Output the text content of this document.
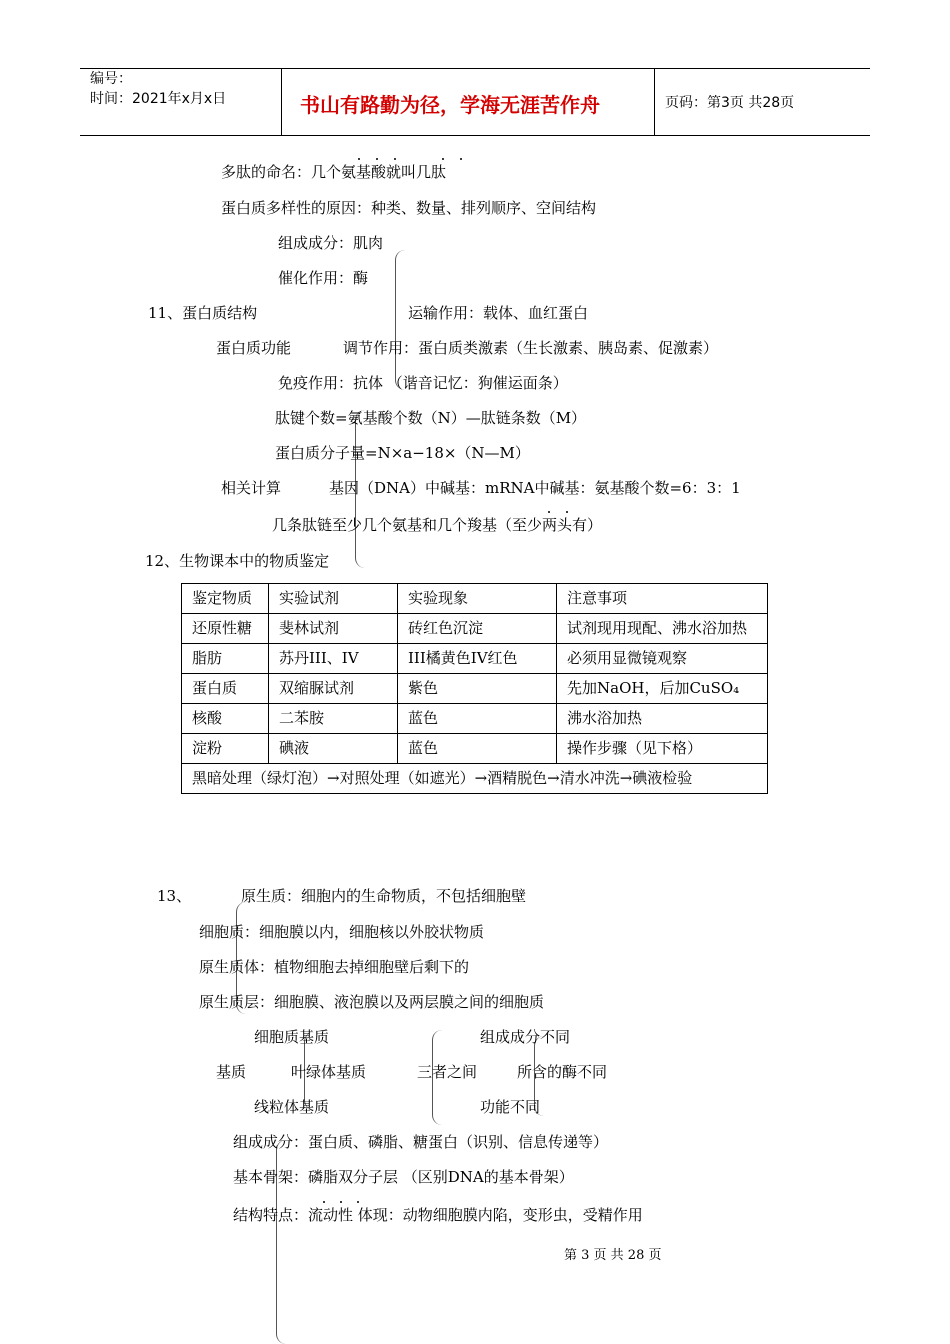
编号：
时间：2021年x月x日	书山有路勤为径，学海无涯苦作舟	页码：第3页 共28页
多肽的命名：几个氨基酸就叫几肽
蛋白质多样性的原因：种类、数量、排列顺序、空间结构
组成成分：肌肉
催化作用：酶
11、蛋白质结构	运输作用：载体、血红蛋白
蛋白质功能	调节作用：蛋白质类激素（生长激素、胰岛素、促激素）
免疫作用：抗体 （谐音记忆：狗催运面条）
肽键个数=氨基酸个数（N）—肽链条数（M）
蛋白质分子量=N×a−18×（N—M）
相关计算	基因（DNA）中碱基：mRNA中碱基：氨基酸个数=6：3：1
几条肽链至少几个氨基和几个羧基（至少两头有）
12、生物课本中的物质鉴定
鉴定物质	实验试剂	实验现象	注意事项
还原性糖	斐林试剂	砖红色沉淀	试剂现用现配、沸水浴加热
脂肪	苏丹III、IV	III橘黄色IV红色	必须用显微镜观察
蛋白质	双缩脲试剂	紫色	先加NaOH，后加CuSO₄
核酸	二苯胺	蓝色	沸水浴加热
淀粉	碘液	蓝色	操作步骤（见下格）
黑暗处理（绿灯泡）→对照处理（如遮光）→酒精脱色→清水冲洗→碘液检验			
13、	原生质：细胞内的生命物质，不包括细胞壁
细胞质：细胞膜以内，细胞核以外胶状物质
原生质体：植物细胞去掉细胞壁后剩下的
原生质层：细胞膜、液泡膜以及两层膜之间的细胞质
细胞质基质	组成成分不同
基质	叶绿体基质	三者之间	所含的酶不同
线粒体基质	功能不同
组成成分：蛋白质、磷脂、糖蛋白（识别、信息传递等）
基本骨架：磷脂双分子层 （区别DNA的基本骨架）
结构特点：流动性 体现：动物细胞膜内陷，变形虫，受精作用
第 3 页 共 28 页
